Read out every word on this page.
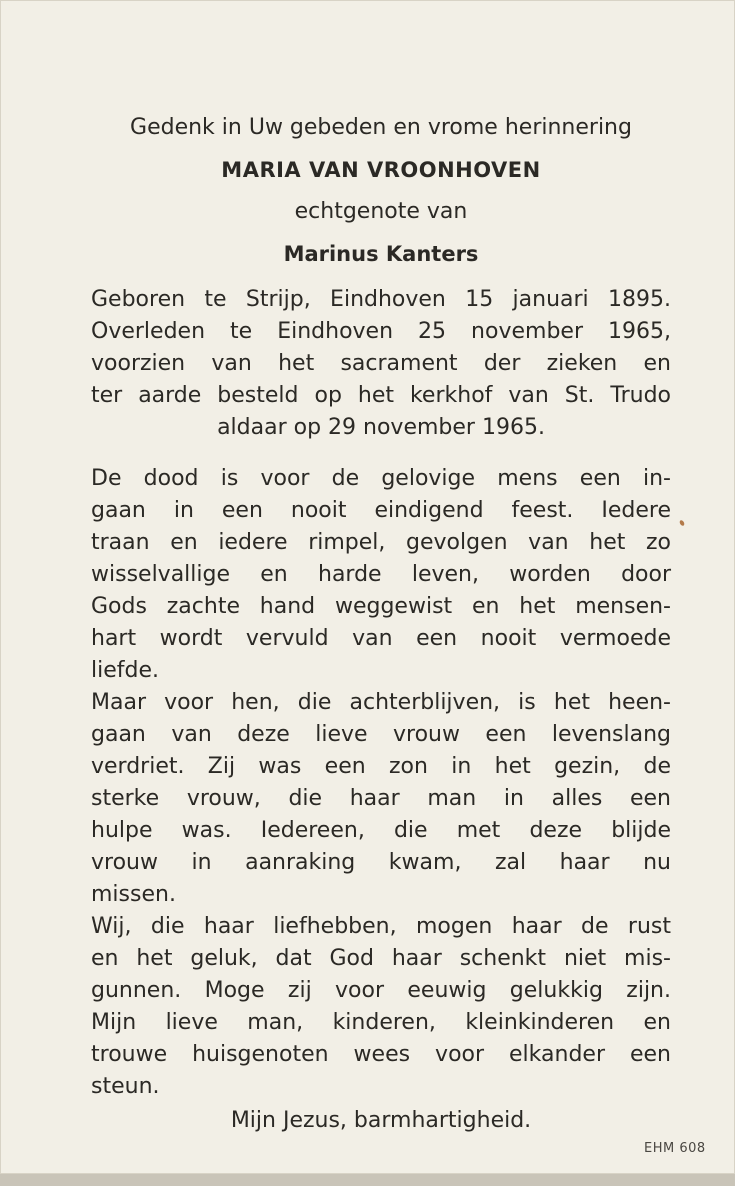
Gedenk in Uw gebeden en vrome herinnering
MARIA VAN VROONHOVEN
echtgenote van
Marinus Kanters
Geboren te Strijp, Eindhoven 15 januari 1895.
Overleden te Eindhoven 25 november 1965,
voorzien van het sacrament der zieken en
ter aarde besteld op het kerkhof van St. Trudo
aldaar op 29 november 1965.
De dood is voor de gelovige mens een in-
gaan in een nooit eindigend feest. Iedere
traan en iedere rimpel, gevolgen van het zo
wisselvallige en harde leven, worden door
Gods zachte hand weggewist en het mensen-
hart wordt vervuld van een nooit vermoede
liefde.
Maar voor hen, die achterblijven, is het heen-
gaan van deze lieve vrouw een levenslang
verdriet. Zij was een zon in het gezin, de
sterke vrouw, die haar man in alles een
hulpe was. Iedereen, die met deze blijde
vrouw in aanraking kwam, zal haar nu
missen.
Wij, die haar liefhebben, mogen haar de rust
en het geluk, dat God haar schenkt niet mis-
gunnen. Moge zij voor eeuwig gelukkig zijn.
Mijn lieve man, kinderen, kleinkinderen en
trouwe huisgenoten wees voor elkander een
steun.
Mijn Jezus, barmhartigheid.
EHM 608
